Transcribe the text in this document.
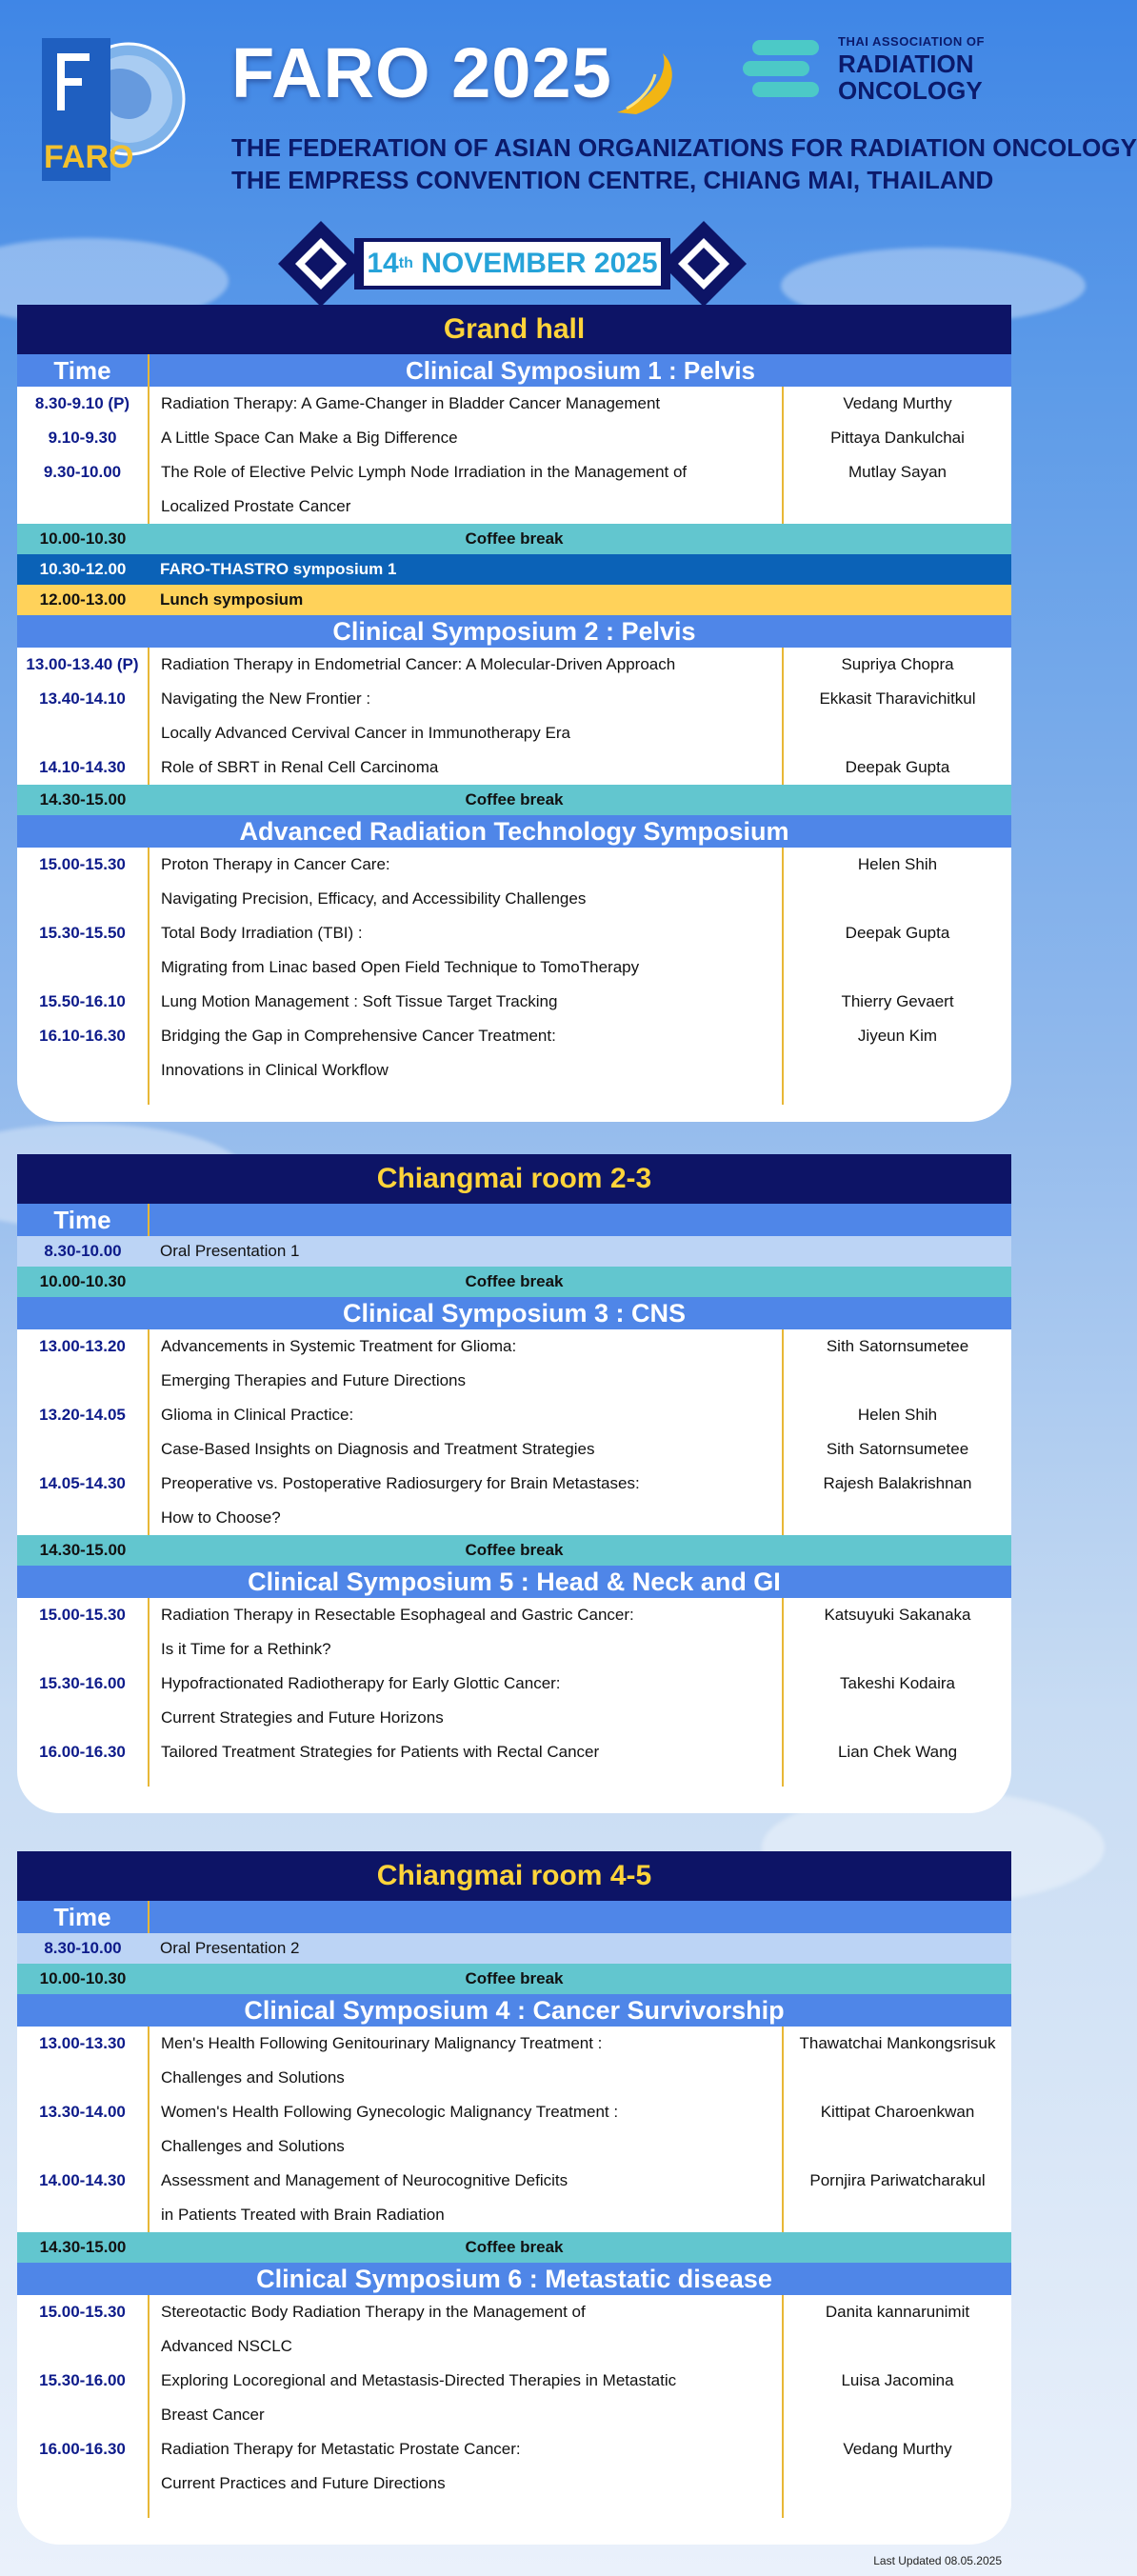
FARO
FARO 2025
THE FEDERATION OF ASIAN ORGANIZATIONS FOR RADIATION ONCOLOGY
THE EMPRESS CONVENTION CENTRE, CHIANG MAI, THAILAND
THAI ASSOCIATION OF
RADIATION
ONCOLOGY
14 th NOVEMBER 2025
Grand hall
Time	Clinical Symposium 1 : Pelvis	
8.30-9.10 (P)	Radiation Therapy: A Game-Changer in Bladder Cancer Management	Vedang Murthy
9.10-9.30	A Little Space Can Make a Big Difference	Pittaya Dankulchai
9.30-10.00	The Role of Elective Pelvic Lymph Node Irradiation in the Management of	Mutlay Sayan
	Localized Prostate Cancer	
10.00-10.30	Coffee break	
10.30-12.00	FARO-THASTRO symposium 1	
12.00-13.00	Lunch symposium	
Clinical Symposium 2 : Pelvis		
13.00-13.40 (P)	Radiation Therapy in Endometrial Cancer: A Molecular-Driven Approach	Supriya Chopra
13.40-14.10	Navigating the New Frontier :	Ekkasit Tharavichitkul
	Locally Advanced Cervival Cancer in Immunotherapy Era	
14.10-14.30	Role of SBRT in Renal Cell Carcinoma	Deepak Gupta
14.30-15.00	Coffee break	
Advanced Radiation Technology Symposium		
15.00-15.30	Proton Therapy in Cancer Care:	Helen Shih
	Navigating Precision, Efficacy, and Accessibility Challenges	
15.30-15.50	Total Body Irradiation (TBI) :	Deepak Gupta
	Migrating from Linac based Open Field Technique to TomoTherapy	
15.50-16.10	Lung Motion Management : Soft Tissue Target Tracking	Thierry Gevaert
16.10-16.30	Bridging the Gap in Comprehensive Cancer Treatment:	Jiyeun Kim
	Innovations in Clinical Workflow	

Chiangmai room 2-3
Time		
8.30-10.00	Oral Presentation 1	
10.00-10.30	Coffee break	
Clinical Symposium 3 : CNS		
13.00-13.20	Advancements in Systemic Treatment for Glioma:	Sith Satornsumetee
	Emerging Therapies and Future Directions	
13.20-14.05	Glioma in Clinical Practice:	Helen Shih
	Case-Based Insights on Diagnosis and Treatment Strategies	Sith Satornsumetee
14.05-14.30	Preoperative vs. Postoperative Radiosurgery for Brain Metastases:	Rajesh Balakrishnan
	How to Choose?	
14.30-15.00	Coffee break	
Clinical Symposium 5 : Head & Neck and GI		
15.00-15.30	Radiation Therapy in Resectable Esophageal and Gastric Cancer:	Katsuyuki Sakanaka
	Is it Time for a Rethink?	
15.30-16.00	Hypofractionated Radiotherapy for Early Glottic Cancer:	Takeshi Kodaira
	Current Strategies and Future Horizons	
16.00-16.30	Tailored Treatment Strategies for Patients with Rectal Cancer	Lian Chek Wang

Chiangmai room 4-5
Time		
8.30-10.00	Oral Presentation 2	
10.00-10.30	Coffee break	
Clinical Symposium 4 : Cancer Survivorship		
13.00-13.30	Men's Health Following Genitourinary Malignancy Treatment :	Thawatchai Mankongsrisuk
	Challenges and Solutions	
13.30-14.00	Women's Health Following Gynecologic Malignancy Treatment :	Kittipat Charoenkwan
	Challenges and Solutions	
14.00-14.30	Assessment and Management of Neurocognitive Deficits	Pornjira Pariwatcharakul
	in Patients Treated with Brain Radiation	
14.30-15.00	Coffee break	
Clinical Symposium 6 : Metastatic disease		
15.00-15.30	Stereotactic Body Radiation Therapy in the Management of	Danita kannarunimit
	Advanced NSCLC	
15.30-16.00	Exploring Locoregional and Metastasis-Directed Therapies in Metastatic	Luisa Jacomina
	Breast Cancer	
16.00-16.30	Radiation Therapy for Metastatic Prostate Cancer:	Vedang Murthy
	Current Practices and Future Directions	

Last Updated 08.05.2025
